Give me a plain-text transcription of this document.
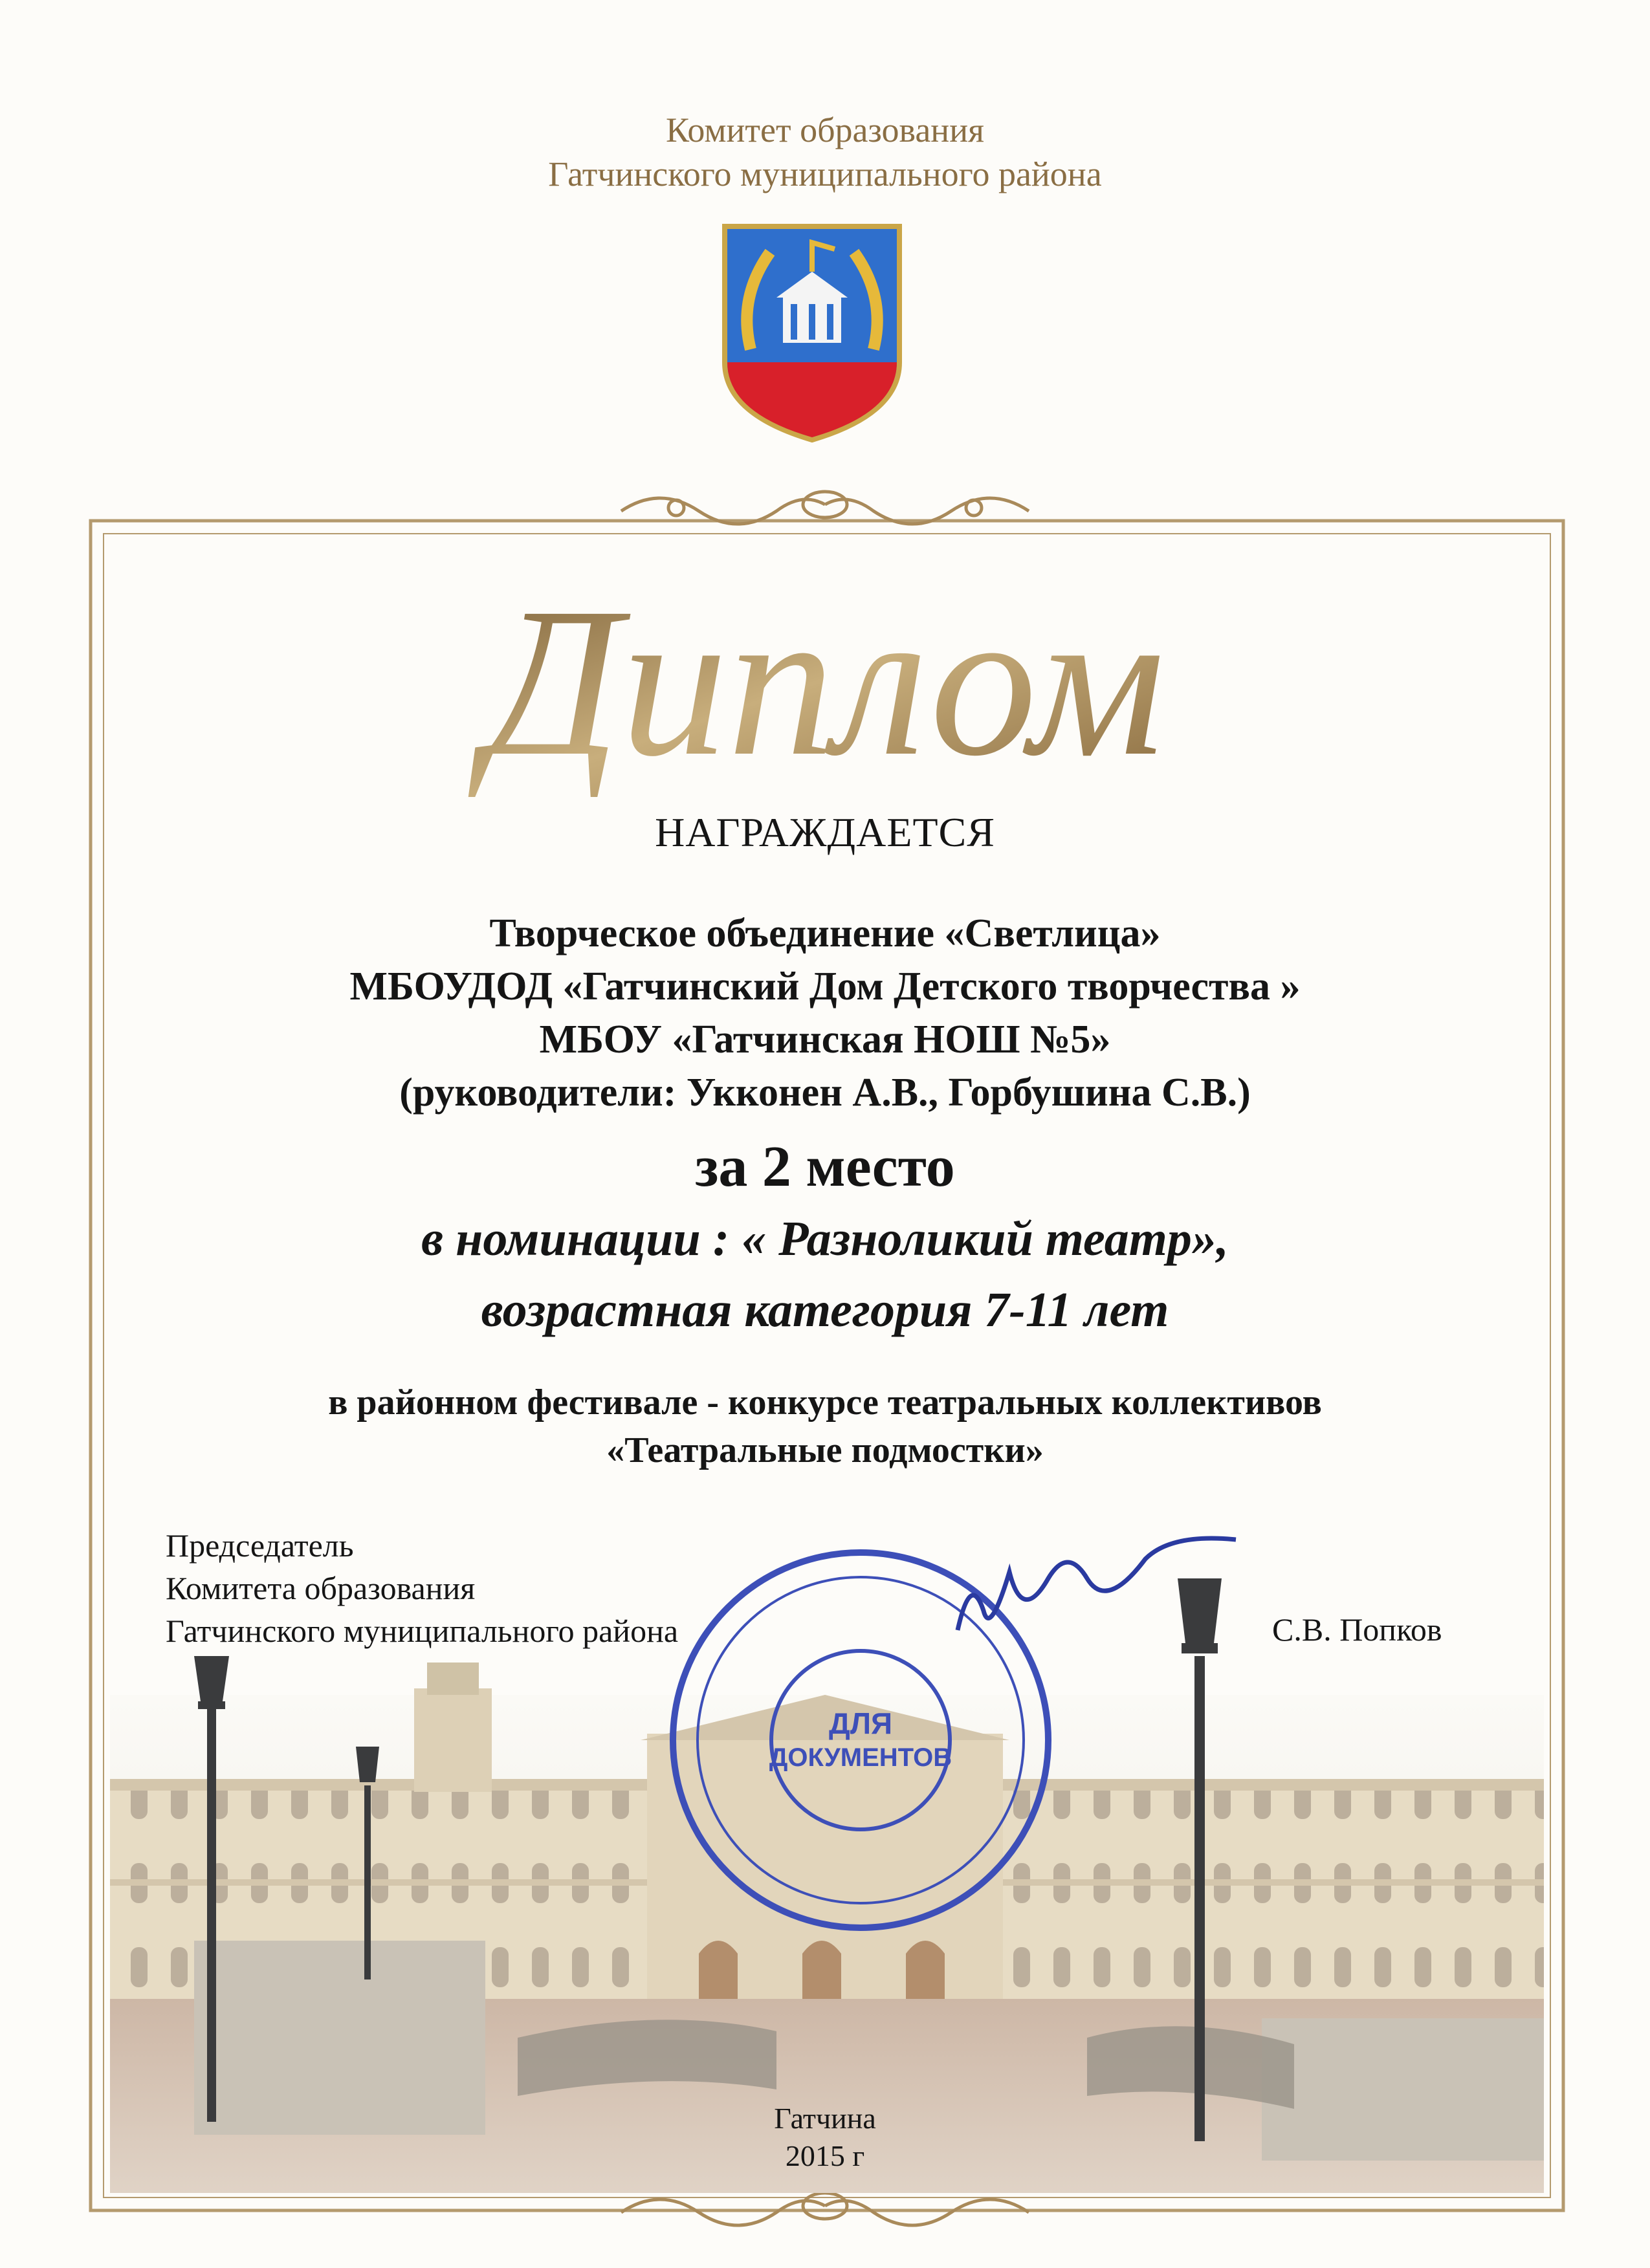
Диплом
ДЛЯ
ДОКУМЕНТОВ
Комитет образования
Гатчинского муниципального района
НАГРАЖДАЕТСЯ
Творческое объединение «Светлица»
МБОУДОД «Гатчинский Дом Детского творчества »
МБОУ «Гатчинская НОШ №5»
(руководители: Укконен А.В., Горбушина С.В.)
за 2 место
в номинации : « Разноликий театр»,
возрастная категория 7-11 лет
в районном фестивале - конкурсе театральных коллективов
«Театральные подмостки»
Председатель
Комитета образования
Гатчинского муниципального района	С.В. Попков
Гатчина
2015 г
